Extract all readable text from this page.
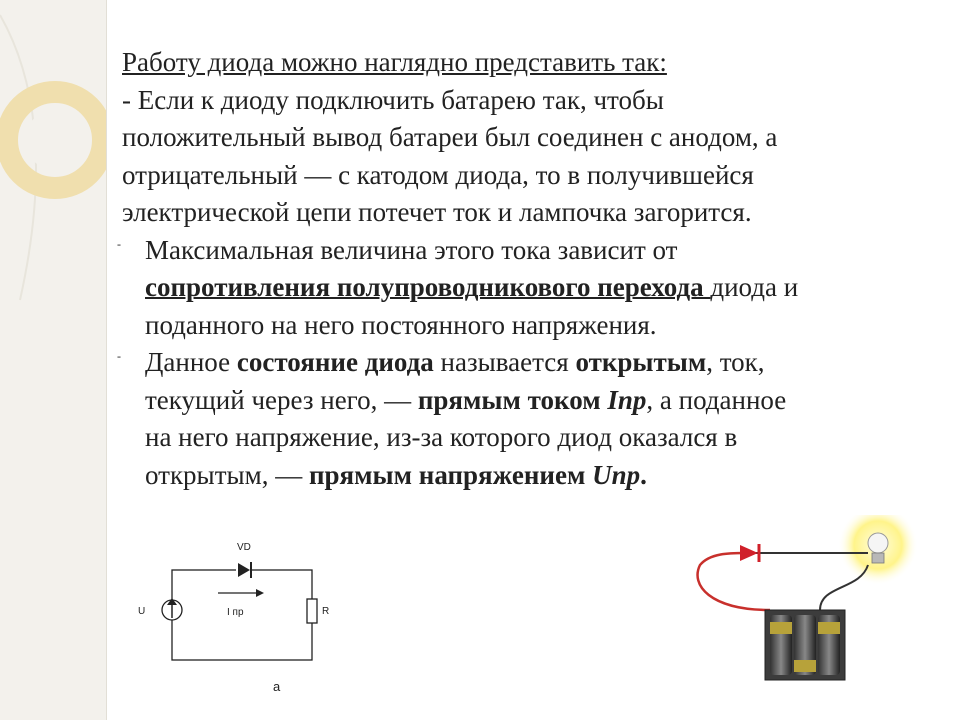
Работу диода можно наглядно представить так:
- Если к диоду подключить батарею так, чтобы
положительный вывод батареи был соединен с анодом, а
отрицательный — с катодом диода, то в получившейся
электрической цепи потечет ток и лампочка загорится.
- Максимальная величина этого тока зависит от
сопротивления полупроводникового перехода диода и
поданного на него постоянного напряжения.
- Данное состояние диода называется открытым, ток,
текущий через него, — прямым током Iпр, а поданное
на него напряжение, из-за которого диод оказался в
открытым, — прямым напряжением Uпр.
VD
U	R
I пр
a
